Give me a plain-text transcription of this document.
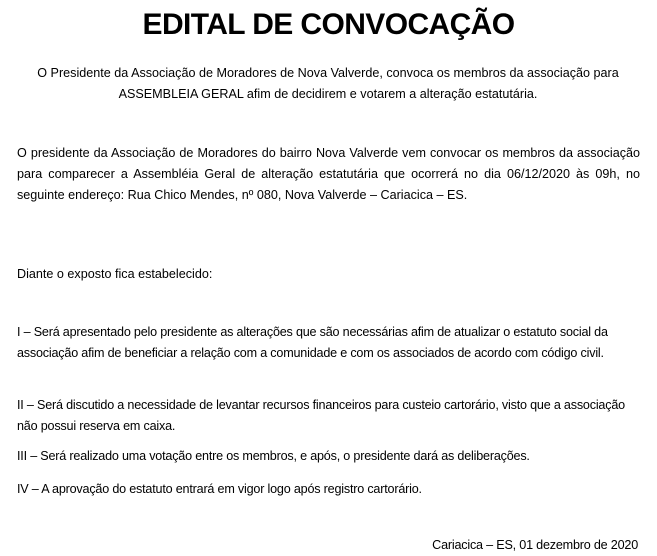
EDITAL DE CONVOCAÇÃO
O Presidente da Associação de Moradores de Nova Valverde, convoca os membros da associação para ASSEMBLEIA GERAL afim de decidirem e votarem a alteração estatutária.
O presidente da Associação de Moradores do bairro Nova Valverde vem convocar os membros da associação para comparecer a Assembléia Geral de alteração estatutária que ocorrerá no dia 06/12/2020 às 09h, no seguinte endereço: Rua Chico Mendes, nº 080, Nova Valverde – Cariacica – ES.
Diante o exposto fica estabelecido:
I – Será apresentado pelo presidente as alterações que são necessárias afim de atualizar o estatuto social da associação afim de beneficiar a relação com a comunidade e com os associados de acordo com código civil.
II – Será discutido a necessidade de levantar recursos financeiros para custeio cartorário, visto que a associação não possui reserva em caixa.
III – Será realizado uma votação entre os membros, e após, o presidente dará as deliberações.
IV – A aprovação do estatuto entrará em vigor logo após registro cartorário.
Cariacica – ES, 01 dezembro de 2020
